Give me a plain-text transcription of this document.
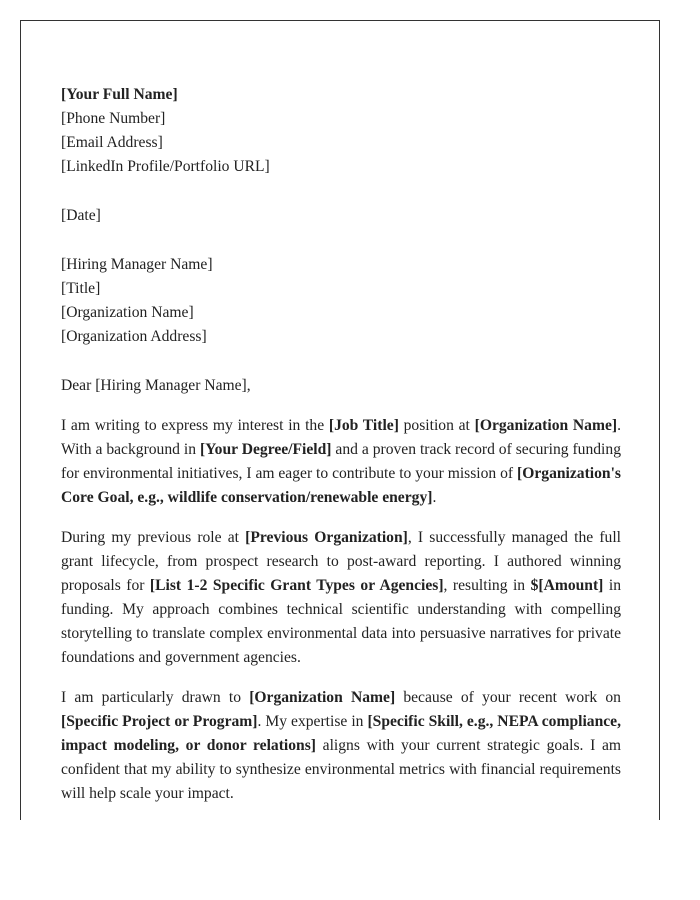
[Your Full Name]
[Phone Number]
[Email Address]
[LinkedIn Profile/Portfolio URL]
[Date]
[Hiring Manager Name]
[Title]
[Organization Name]
[Organization Address]
Dear [Hiring Manager Name],

I am writing to express my interest in the [Job Title] position at [Organization Name]. With a background in [Your Degree/Field] and a proven track record of securing funding for environmental initiatives, I am eager to contribute to your mission of [Organization's Core Goal, e.g., wildlife conservation/renewable energy].

During my previous role at [Previous Organization], I successfully managed the full grant lifecycle, from prospect research to post-award reporting. I authored winning proposals for [List 1-2 Specific Grant Types or Agencies], resulting in $[Amount] in funding. My approach combines technical scientific understanding with compelling storytelling to translate complex environmental data into persuasive narratives for private foundations and government agencies.

I am particularly drawn to [Organization Name] because of your recent work on [Specific Project or Program]. My expertise in [Specific Skill, e.g., NEPA compliance, impact modeling, or donor relations] aligns with your current strategic goals. I am confident that my ability to synthesize environmental metrics with financial requirements will help scale your impact.
